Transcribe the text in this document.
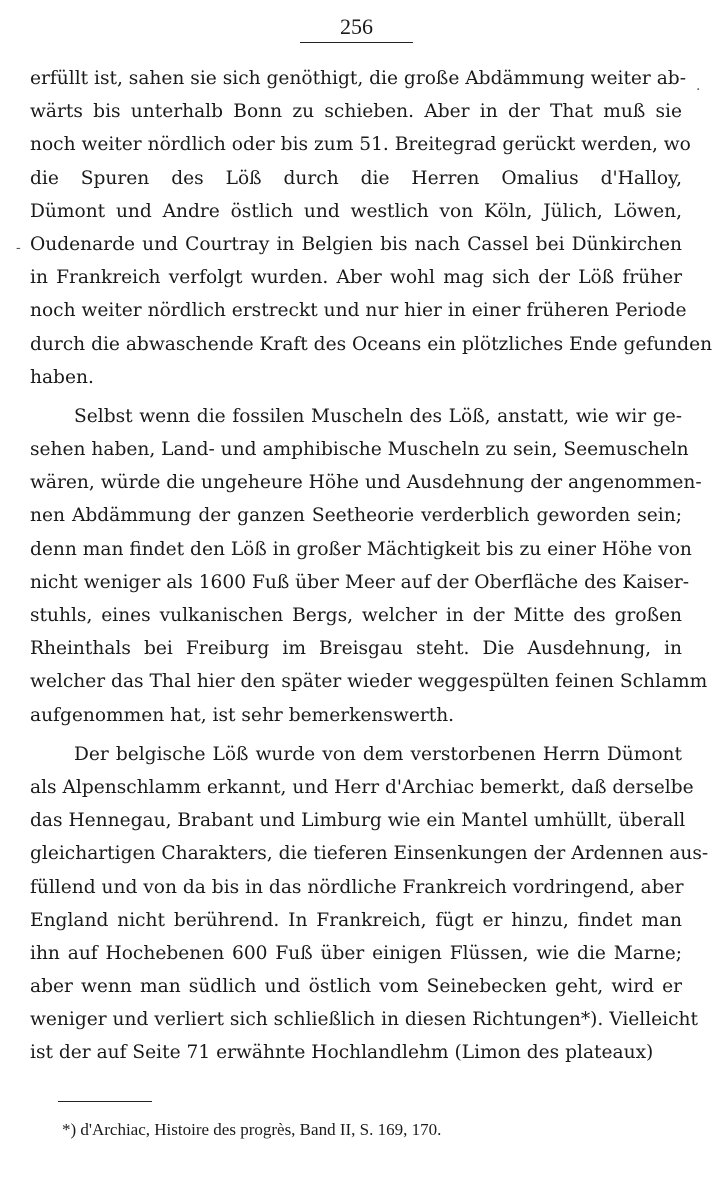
256
·
-
erfüllt ist, sahen sie sich genöthigt, die große Abdämmung weiter ab-
wärts bis unterhalb Bonn zu schieben. Aber in der That muß sie
noch weiter nördlich oder bis zum 51. Breitegrad gerückt werden, wo
die Spuren des Löß durch die Herren Omalius d'Halloy,
Dümont und Andre östlich und westlich von Köln, Jülich, Löwen,
Oudenarde und Courtray in Belgien bis nach Cassel bei Dünkirchen
in Frankreich verfolgt wurden. Aber wohl mag sich der Löß früher
noch weiter nördlich erstreckt und nur hier in einer früheren Periode
durch die abwaschende Kraft des Oceans ein plötzliches Ende gefunden
haben.
Selbst wenn die fossilen Muscheln des Löß, anstatt, wie wir ge-
sehen haben, Land- und amphibische Muscheln zu sein, Seemuscheln
wären, würde die ungeheure Höhe und Ausdehnung der angenommen-
nen Abdämmung der ganzen Seetheorie verderblich geworden sein;
denn man findet den Löß in großer Mächtigkeit bis zu einer Höhe von
nicht weniger als 1600 Fuß über Meer auf der Oberfläche des Kaiser-
stuhls, eines vulkanischen Bergs, welcher in der Mitte des großen
Rheinthals bei Freiburg im Breisgau steht. Die Ausdehnung, in
welcher das Thal hier den später wieder weggespülten feinen Schlamm
aufgenommen hat, ist sehr bemerkenswerth.
Der belgische Löß wurde von dem verstorbenen Herrn Dümont
als Alpenschlamm erkannt, und Herr d'Archiac bemerkt, daß derselbe
das Hennegau, Brabant und Limburg wie ein Mantel umhüllt, überall
gleichartigen Charakters, die tieferen Einsenkungen der Ardennen aus-
füllend und von da bis in das nördliche Frankreich vordringend, aber
England nicht berührend. In Frankreich, fügt er hinzu, findet man
ihn auf Hochebenen 600 Fuß über einigen Flüssen, wie die Marne;
aber wenn man südlich und östlich vom Seinebecken geht, wird er
weniger und verliert sich schließlich in diesen Richtungen*). Vielleicht
ist der auf Seite 71 erwähnte Hochlandlehm (Limon des plateaux)
*) d'Archiac, Histoire des progrès, Band II, S. 169, 170.
